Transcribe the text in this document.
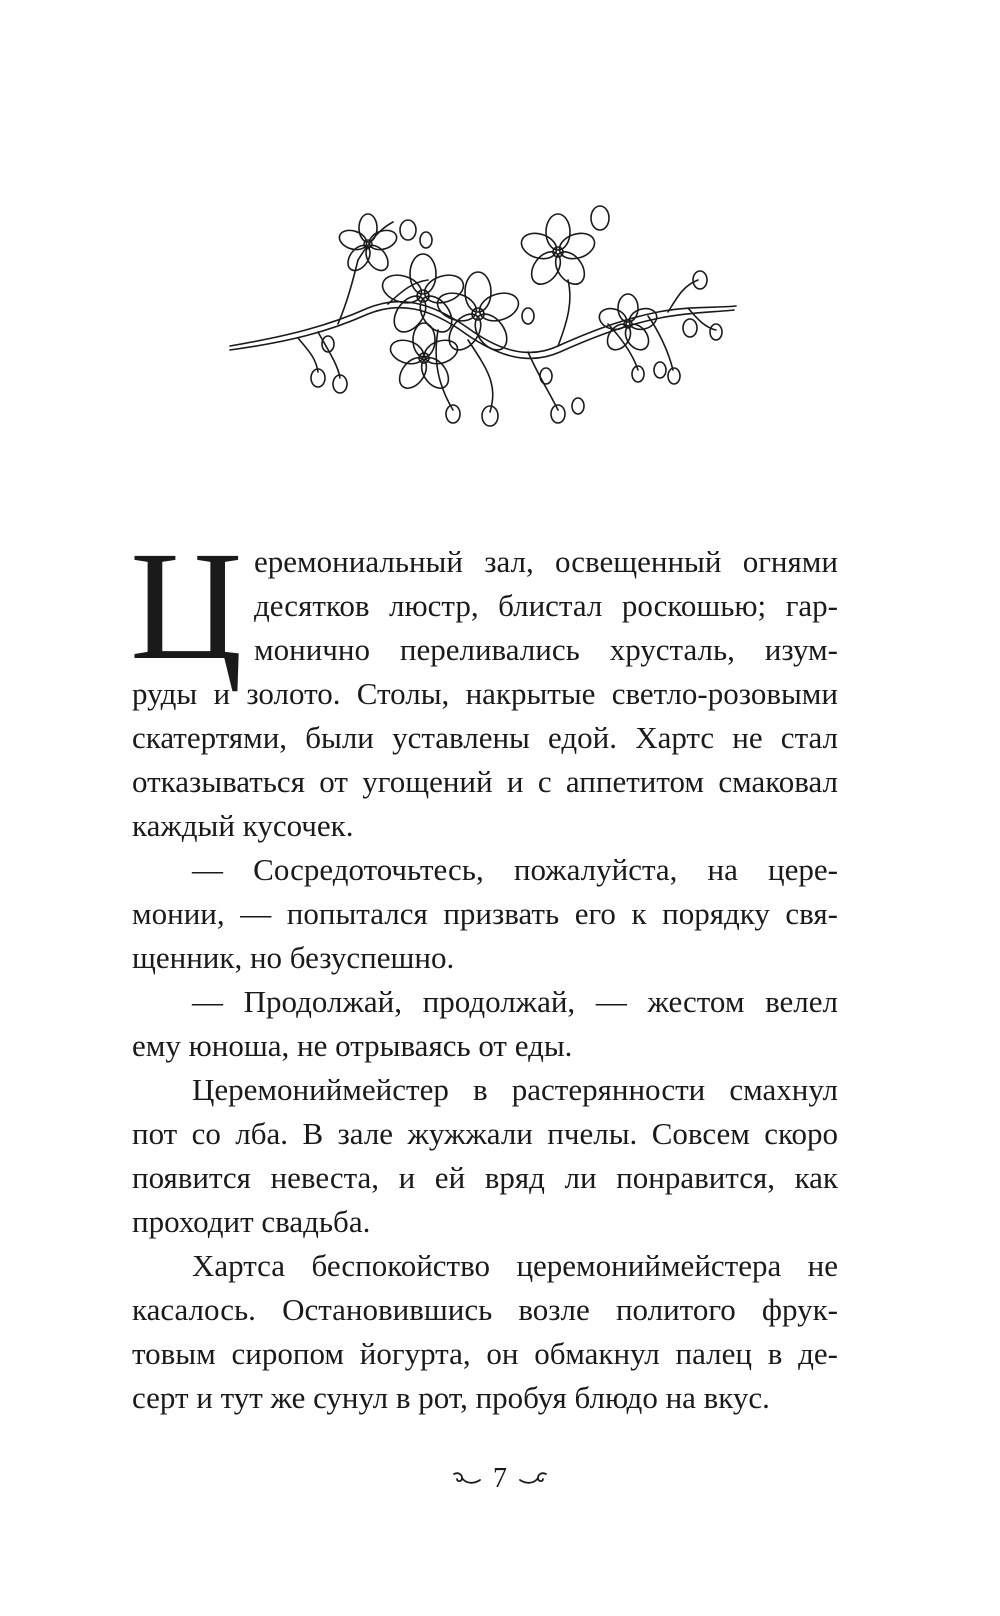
Ц еремониальный зал, освещенный огнями
десятков люстр, блистал роскошью; гар-
монично переливались хрусталь, изум-
руды и золото. Столы, накрытые светло-розовыми
скатертями, были уставлены едой. Хартс не стал
отказываться от угощений и с аппетитом смаковал
каждый кусочек.
— Сосредоточьтесь, пожалуйста, на цере-
монии, — попытался призвать его к порядку свя-
щенник, но безуспешно.
— Продолжай, продолжай, — жестом велел
ему юноша, не отрываясь от еды.
Церемониймейстер в растерянности смахнул
пот со лба. В зале жужжали пчелы. Совсем скоро
появится невеста, и ей вряд ли понравится, как
проходит свадьба.
Хартса беспокойство церемониймейстера не
касалось. Остановившись возле политого фрук-
товым сиропом йогурта, он обмакнул палец в де-
серт и тут же сунул в рот, пробуя блюдо на вкус.
7
